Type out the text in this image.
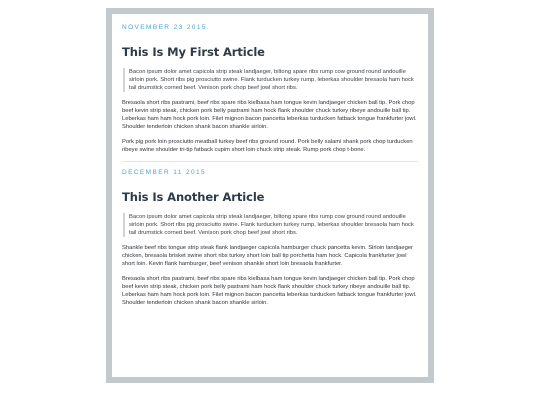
NOVEMBER 23 2015
This Is My First Article
Bacon ipsum dolor amet capicola strip steak landjaeger, biltong spare ribs rump cow ground round andouille sirloin pork. Short ribs pig prosciutto swine. Flank turducken turkey rump, leberkas shoulder bresaola ham hock tail drumstick corned beef. Venison pork chop beef jowl short ribs.

Bresaola short ribs pastrami, beef ribs spare ribs kielbasa ham tongue kevin landjaeger chicken ball tip. Pork chop beef kevin strip steak, chicken pork belly pastrami ham hock flank shoulder chuck turkey ribeye andouille ball tip. Leberkas ham ham hock pork loin. Filet mignon bacon pancetta leberkas turducken fatback tongue frankfurter jowl. Shoulder tenderloin chicken shank bacon shankle sirloin.

Pork pig pork loin prosciutto meatball turkey beef ribs ground round. Pork belly salami shank pork chop turducken ribeye swine shoulder tri-tip fatback cupim short loin chuck strip steak. Rump pork chop t-bone.

DECEMBER 11 2015
This Is Another Article
Bacon ipsum dolor amet capicola strip steak landjaeger, biltong spare ribs rump cow ground round andouille sirloin pork. Short ribs pig prosciutto swine. Flank turducken turkey rump, leberkas shoulder bresaola ham hock tail drumstick corned beef. Venison pork chop beef jowl short ribs.

Shankle beef ribs tongue strip steak flank landjaeger capicola hamburger chuck pancetta kevin. Sirloin landjaeger chicken, bresaola brisket swine short ribs turkey short loin ball tip porchetta ham hock. Capicola frankfurter jowl short loin. Kevin flank hamburger, beef venison shankle short loin bresaola frankfurter.

Bresaola short ribs pastrami, beef ribs spare ribs kielbasa ham tongue kevin landjaeger chicken ball tip. Pork chop beef kevin strip steak, chicken pork belly pastrami ham hock flank shoulder chuck turkey ribeye andouille ball tip. Leberkas ham ham hock pork loin. Filet mignon bacon pancetta leberkas turducken fatback tongue frankfurter jowl. Shoulder tenderloin chicken shank bacon shankle sirloin.
